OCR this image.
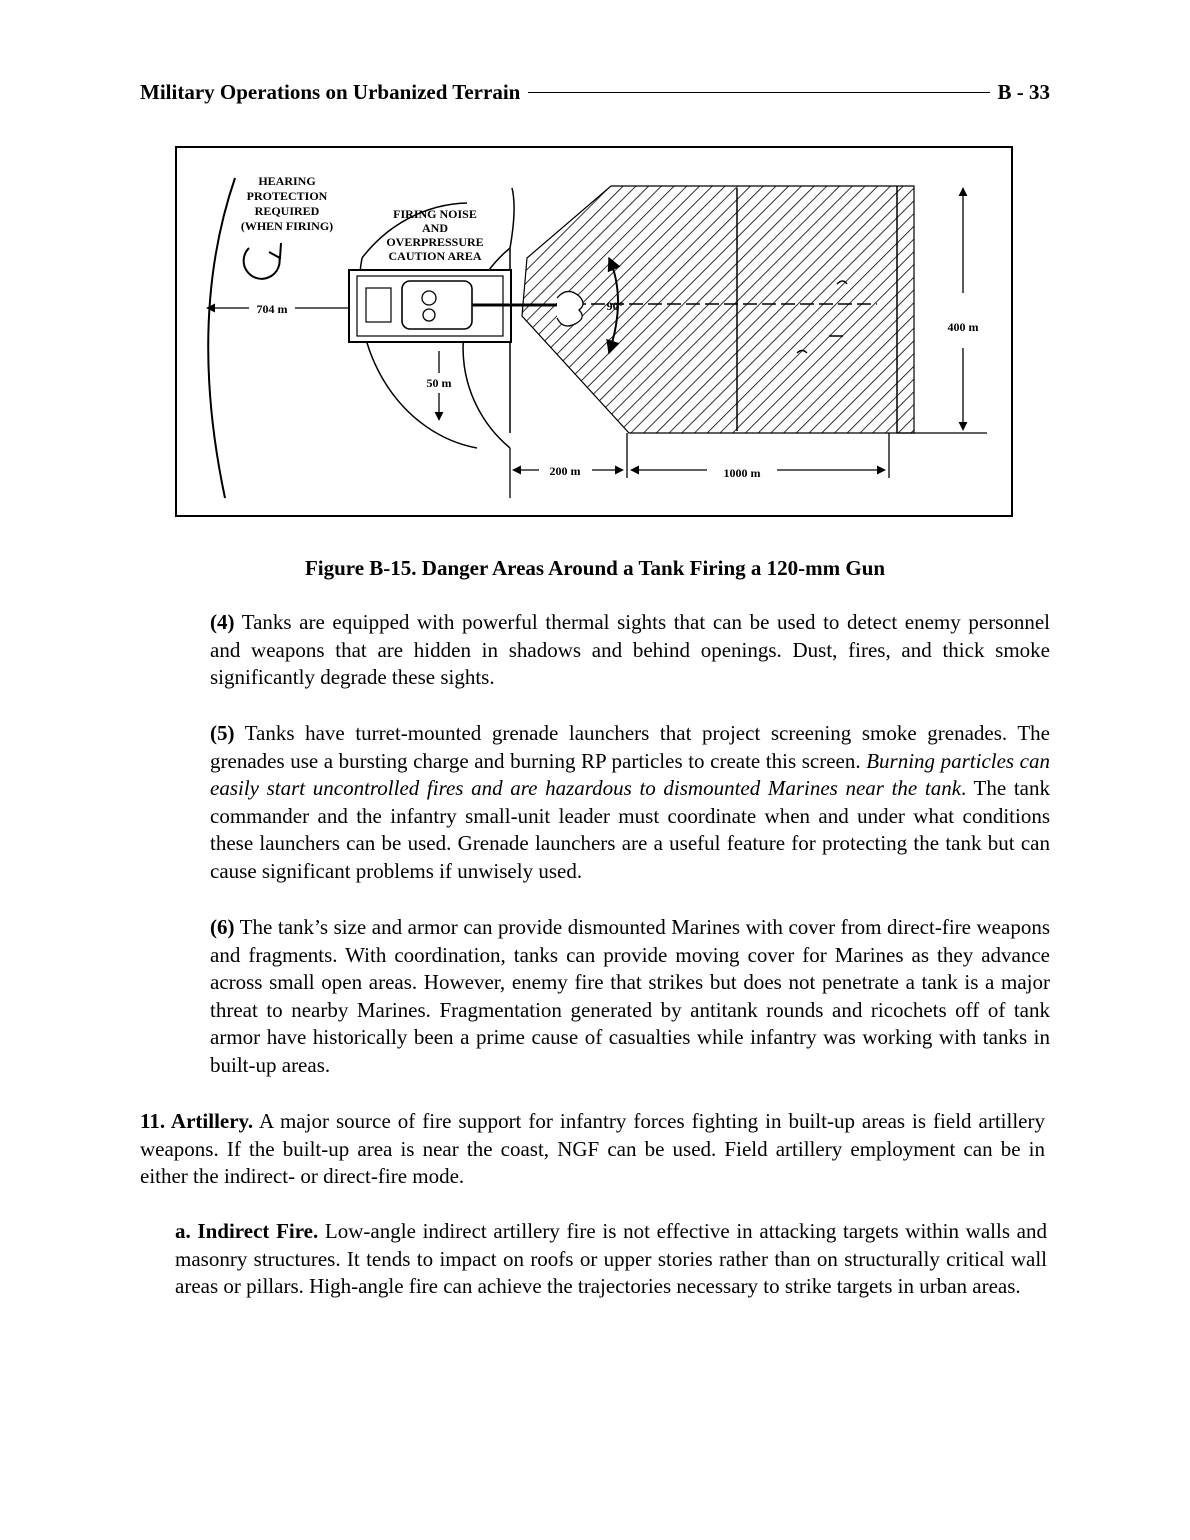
Military Operations on Urbanized Terrain	B - 33
HEARING
PROTECTION
REQUIRED
(WHEN FIRING)
FIRING NOISE
AND
OVERPRESSURE
CAUTION AREA
704 m
50 m
200 m	1000 m
400 m
90°
Figure B-15. Danger Areas Around a Tank Firing a 120-mm Gun

(4) Tanks are equipped with powerful thermal sights that can be used to detect enemy personnel and weapons that are hidden in shadows and behind openings. Dust, fires, and thick smoke significantly degrade these sights.

(5) Tanks have turret-mounted grenade launchers that project screening smoke grenades. The grenades use a bursting charge and burning RP particles to create this screen. Burning particles can easily start uncontrolled fires and are hazardous to dismounted Marines near the tank. The tank commander and the infantry small-unit leader must coordinate when and under what conditions these launchers can be used. Grenade launchers are a useful feature for protecting the tank but can cause significant problems if unwisely used.

(6) The tank’s size and armor can provide dismounted Marines with cover from direct-fire weapons and fragments. With coordination, tanks can provide moving cover for Marines as they advance across small open areas. However, enemy fire that strikes but does not penetrate a tank is a major threat to nearby Marines. Fragmentation generated by antitank rounds and ricochets off of tank armor have historically been a prime cause of casualties while infantry was working with tanks in built-up areas.

11. Artillery. A major source of fire support for infantry forces fighting in built-up areas is field artillery weapons. If the built-up area is near the coast, NGF can be used. Field artillery employment can be in either the indirect- or direct-fire mode.

a. Indirect Fire. Low-angle indirect artillery fire is not effective in attacking targets within walls and masonry structures. It tends to impact on roofs or upper stories rather than on structurally critical wall areas or pillars. High-angle fire can achieve the trajectories necessary to strike targets in urban areas.
